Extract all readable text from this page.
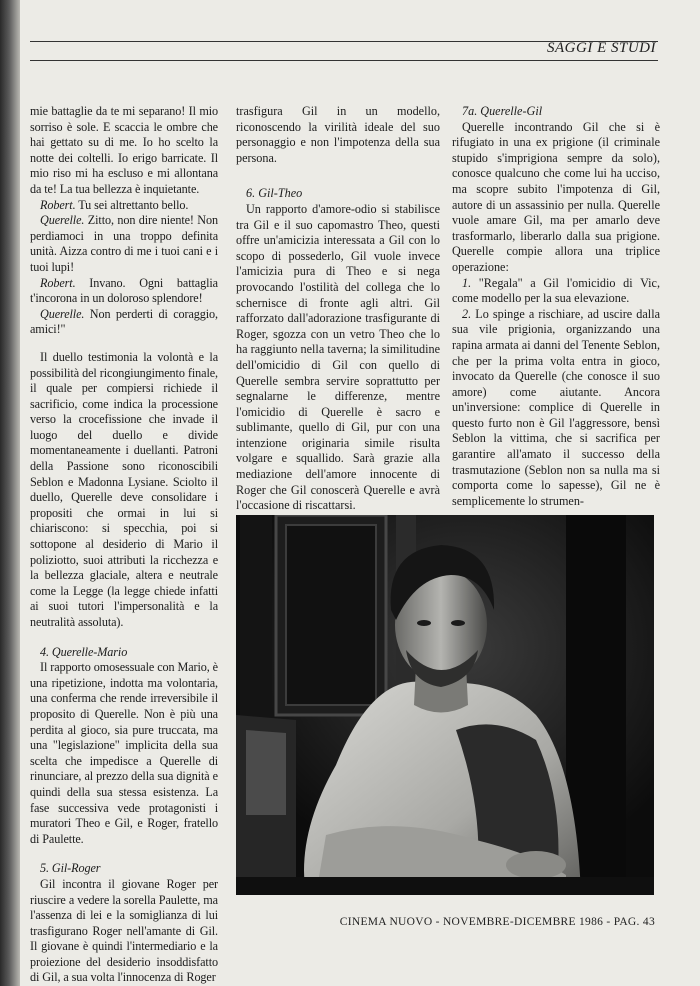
SAGGI E STUDI

mie battaglie da te mi separano! Il mio sorriso è sole. E scaccia le ombre che hai gettato su di me. Io ho scelto la notte dei coltelli. Io erigo barricate. Il mio riso mi ha escluso e mi allontana da te! La tua bellezza è inquietante.

Robert. Tu sei altrettanto bello.

Querelle. Zitto, non dire niente! Non perdiamoci in una troppo definita unità. Aizza contro di me i tuoi cani e i tuoi lupi!

Robert. Invano. Ogni battaglia t'incorona in un doloroso splendore!

Querelle. Non perderti di coraggio, amici!"

Il duello testimonia la volontà e la possibilità del ricongiungimento finale, il quale per compiersi richiede il sacrificio, come indica la processione verso la crocefissione che invade il luogo del duello e divide momentaneamente i duellanti. Patroni della Passione sono riconoscibili Seblon e Madonna Lysiane. Sciolto il duello, Querelle deve consolidare i propositi che ormai in lui si chiariscono: si specchia, poi si sottopone al desiderio di Mario il poliziotto, suoi attributi la ricchezza e la bellezza glaciale, altera e neutrale come la Legge (la legge chiede infatti ai suoi tutori l'impersonalità e la neutralità assoluta).

4. Querelle-Mario

Il rapporto omosessuale con Mario, è una ripetizione, indotta ma volontaria, una conferma che rende irreversibile il proposito di Querelle. Non è più una perdita al gioco, sia pure truccata, ma una "legislazione" implicita della sua scelta che impedisce a Querelle di rinunciare, al prezzo della sua dignità e quindi della sua stessa esistenza. La fase successiva vede protagonisti i muratori Theo e Gil, e Roger, fratello di Paulette.

5. Gil-Roger

Gil incontra il giovane Roger per riuscire a vedere la sorella Paulette, ma l'assenza di lei e la somiglianza di lui trasfigurano Roger nell'amante di Gil. Il giovane è quindi l'intermediario e la proiezione del desiderio insoddisfatto di Gil, a sua volta l'innocenza di Roger

trasfigura Gil in un modello, riconoscendo la virilità ideale del suo personaggio e non l'impotenza della sua persona.

6. Gil-Theo

Un rapporto d'amore-odio si stabilisce tra Gil e il suo capomastro Theo, questi offre un'amicizia interessata a Gil con lo scopo di possederlo, Gil vuole invece l'amicizia pura di Theo e si nega provocando l'ostilità del collega che lo schernisce di fronte agli altri. Gil rafforzato dall'adorazione trasfigurante di Roger, sgozza con un vetro Theo che lo ha raggiunto nella taverna; la similitudine dell'omicidio di Gil con quello di Querelle sembra servire soprattutto per segnalarne le differenze, mentre l'omicidio di Querelle è sacro e sublimante, quello di Gil, pur con una intenzione originaria simile risulta volgare e squallido. Sarà grazie alla mediazione dell'amore innocente di Roger che Gil conoscerà Querelle e avrà l'occasione di riscattarsi.

7a. Querelle-Gil

Querelle incontrando Gil che si è rifugiato in una ex prigione (il criminale stupido s'imprigiona sempre da solo), conosce qualcuno che come lui ha ucciso, ma scopre subito l'impotenza di Gil, autore di un assassinio per nulla. Querelle vuole amare Gil, ma per amarlo deve trasformarlo, liberarlo dalla sua prigione. Querelle compie allora una triplice operazione:

1. "Regala" a Gil l'omicidio di Vic, come modello per la sua elevazione.

2. Lo spinge a rischiare, ad uscire dalla sua vile prigionia, organizzando una rapina armata ai danni del Tenente Seblon, che per la prima volta entra in gioco, invocato da Querelle (che conosce il suo amore) come aiutante. Ancora un'inversione: complice di Querelle in questo furto non è Gil l'aggressore, bensì Seblon la vittima, che si sacrifica per garantire all'amato il successo della trasmutazione (Seblon non sa nulla ma si comporta come lo sapesse), Gil ne è semplicemente lo strumen-

CINEMA NUOVO - NOVEMBRE-DICEMBRE 1986 - PAG. 43
